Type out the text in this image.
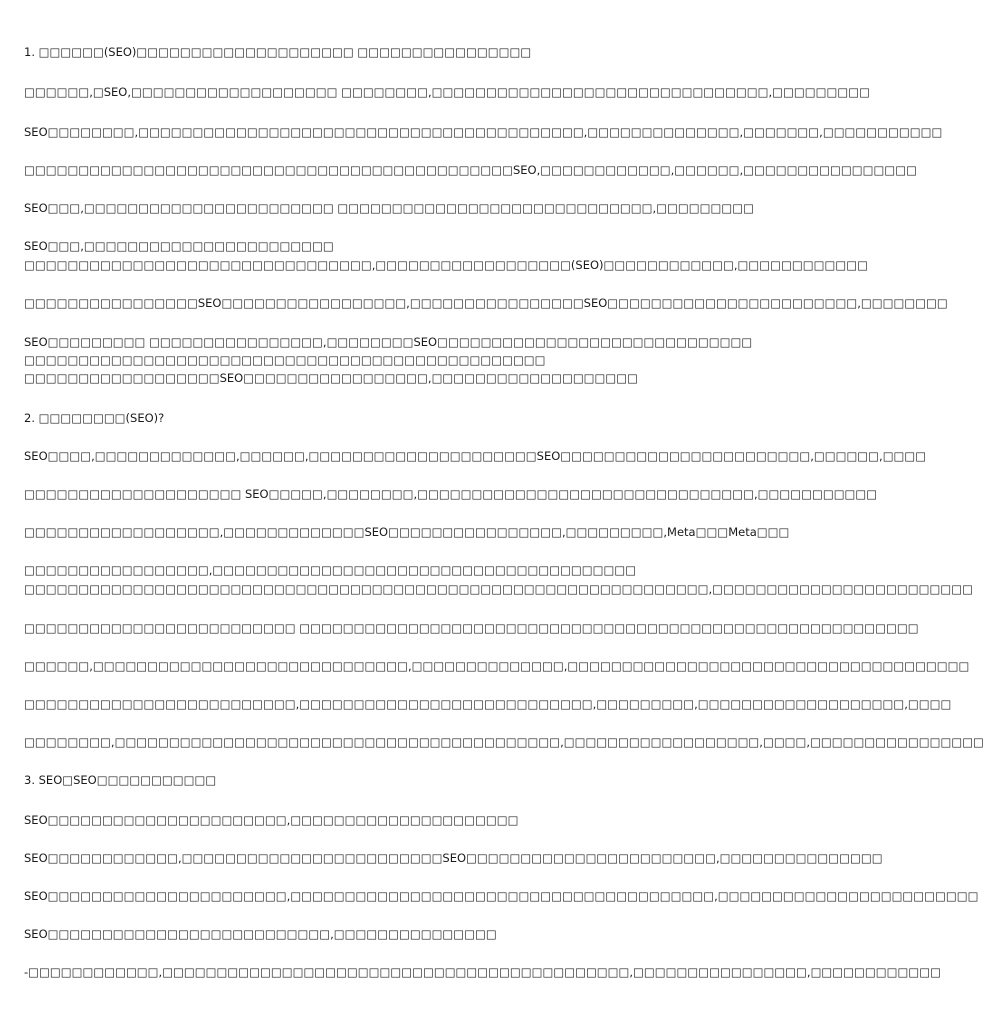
1. □□□□□□(SEO)□□□□□□□□□□□□□□□□□□□□ □□□□□□□□□□□□□□□□
□□□□□□,□SEO,□□□□□□□□□□□□□□□□□□□ □□□□□□□□,□□□□□□□□□□□□□□□□□□□□□□□□□□□□□□□,□□□□□□□□□
SEO□□□□□□□□,□□□□□□□□□□□□□□□□□□□□□□□□□□□□□□□□□□□□□□□□□,□□□□□□□□□□□□□□,□□□□□□□,□□□□□□□□□□□
□□□□□□□□□□□□□□□□□□□□□□□□□□□□□□□□□□□□□□□□□□□□□SEO,□□□□□□□□□□□□,□□□□□□,□□□□□□□□□□□□□□□□
SEO□□□,□□□□□□□□□□□□□□□□□□□□□□□ □□□□□□□□□□□□□□□□□□□□□□□□□□□□□,□□□□□□□□□
SEO□□□,□□□□□□□□□□□□□□□□□□□□□□□
□□□□□□□□□□□□□□□□□□□□□□□□□□□□□□□□,□□□□□□□□□□□□□□□□□□(SEO)□□□□□□□□□□□□,□□□□□□□□□□□□
□□□□□□□□□□□□□□□□SEO□□□□□□□□□□□□□□□□□,□□□□□□□□□□□□□□□□SEO□□□□□□□□□□□□□□□□□□□□□□□,□□□□□□□□
SEO□□□□□□□□□ □□□□□□□□□□□□□□□□,□□□□□□□□SEO□□□□□□□□□□□□□□□□□□□□□□□□□□□□□
□□□□□□□□□□□□□□□□□□□□□□□□□□□□□□□□□□□□□□□□□□□□□□□□
□□□□□□□□□□□□□□□□□□SEO□□□□□□□□□□□□□□□□□,□□□□□□□□□□□□□□□□□□□
2. □□□□□□□□(SEO)?
SEO□□□□,□□□□□□□□□□□□□,□□□□□□,□□□□□□□□□□□□□□□□□□□□□SEO□□□□□□□□□□□□□□□□□□□□□□□,□□□□□□,□□□□
□□□□□□□□□□□□□□□□□□□□ SEO□□□□□,□□□□□□□□,□□□□□□□□□□□□□□□□□□□□□□□□□□□□□□□,□□□□□□□□□□□
□□□□□□□□□□□□□□□□□□,□□□□□□□□□□□□□SEO□□□□□□□□□□□□□□□□,□□□□□□□□□,Meta□□□Meta□□□
□□□□□□□□□□□□□□□□□,□□□□□□□□□□□□□□□□□□□□□□□□□□□□□□□□□□□□□□□
□□□□□□□□□□□□□□□□□□□□□□□□□□□□□□□□□□□□□□□□□□□□□□□□□□□□□□□□□□□□□□□,□□□□□□□□□□□□□□□□□□□□□□□□
□□□□□□□□□□□□□□□□□□□□□□□□□ □□□□□□□□□□□□□□□□□□□□□□□□□□□□□□□□□□□□□□□□□□□□□□□□□□□□□□□□□
□□□□□□,□□□□□□□□□□□□□□□□□□□□□□□□□□□□□,□□□□□□□□□□□□□□,□□□□□□□□□□□□□□□□□□□□□□□□□□□□□□□□□□□□□
□□□□□□□□□□□□□□□□□□□□□□□□□,□□□□□□□□□□□□□□□□□□□□□□□□□□□,□□□□□□□□□,□□□□□□□□□□□□□□□□□□□,□□□□
□□□□□□□□,□□□□□□□□□□□□□□□□□□□□□□□□□□□□□□□□□□□□□□□□□,□□□□□□□□□□□□□□□□□□,□□□□,□□□□□□□□□□□□□□□□
3. SEO□SEO□□□□□□□□□□□
SEO□□□□□□□□□□□□□□□□□□□□□□,□□□□□□□□□□□□□□□□□□□□□
SEO□□□□□□□□□□□□,□□□□□□□□□□□□□□□□□□□□□□□□SEO□□□□□□□□□□□□□□□□□□□□□□□,□□□□□□□□□□□□□□□
SEO□□□□□□□□□□□□□□□□□□□□□□,□□□□□□□□□□□□□□□□□□□□□□□□□□□□□□□□□□□□□□□,□□□□□□□□□□□□□□□□□□□□□□□□
SEO□□□□□□□□□□□□□□□□□□□□□□□□□□,□□□□□□□□□□□□□□□
-□□□□□□□□□□□□,□□□□□□□□□□□□□□□□□□□□□□□□□□□□□□□□□□□□□□□□□□□,□□□□□□□□□□□□□□□□,□□□□□□□□□□□□
